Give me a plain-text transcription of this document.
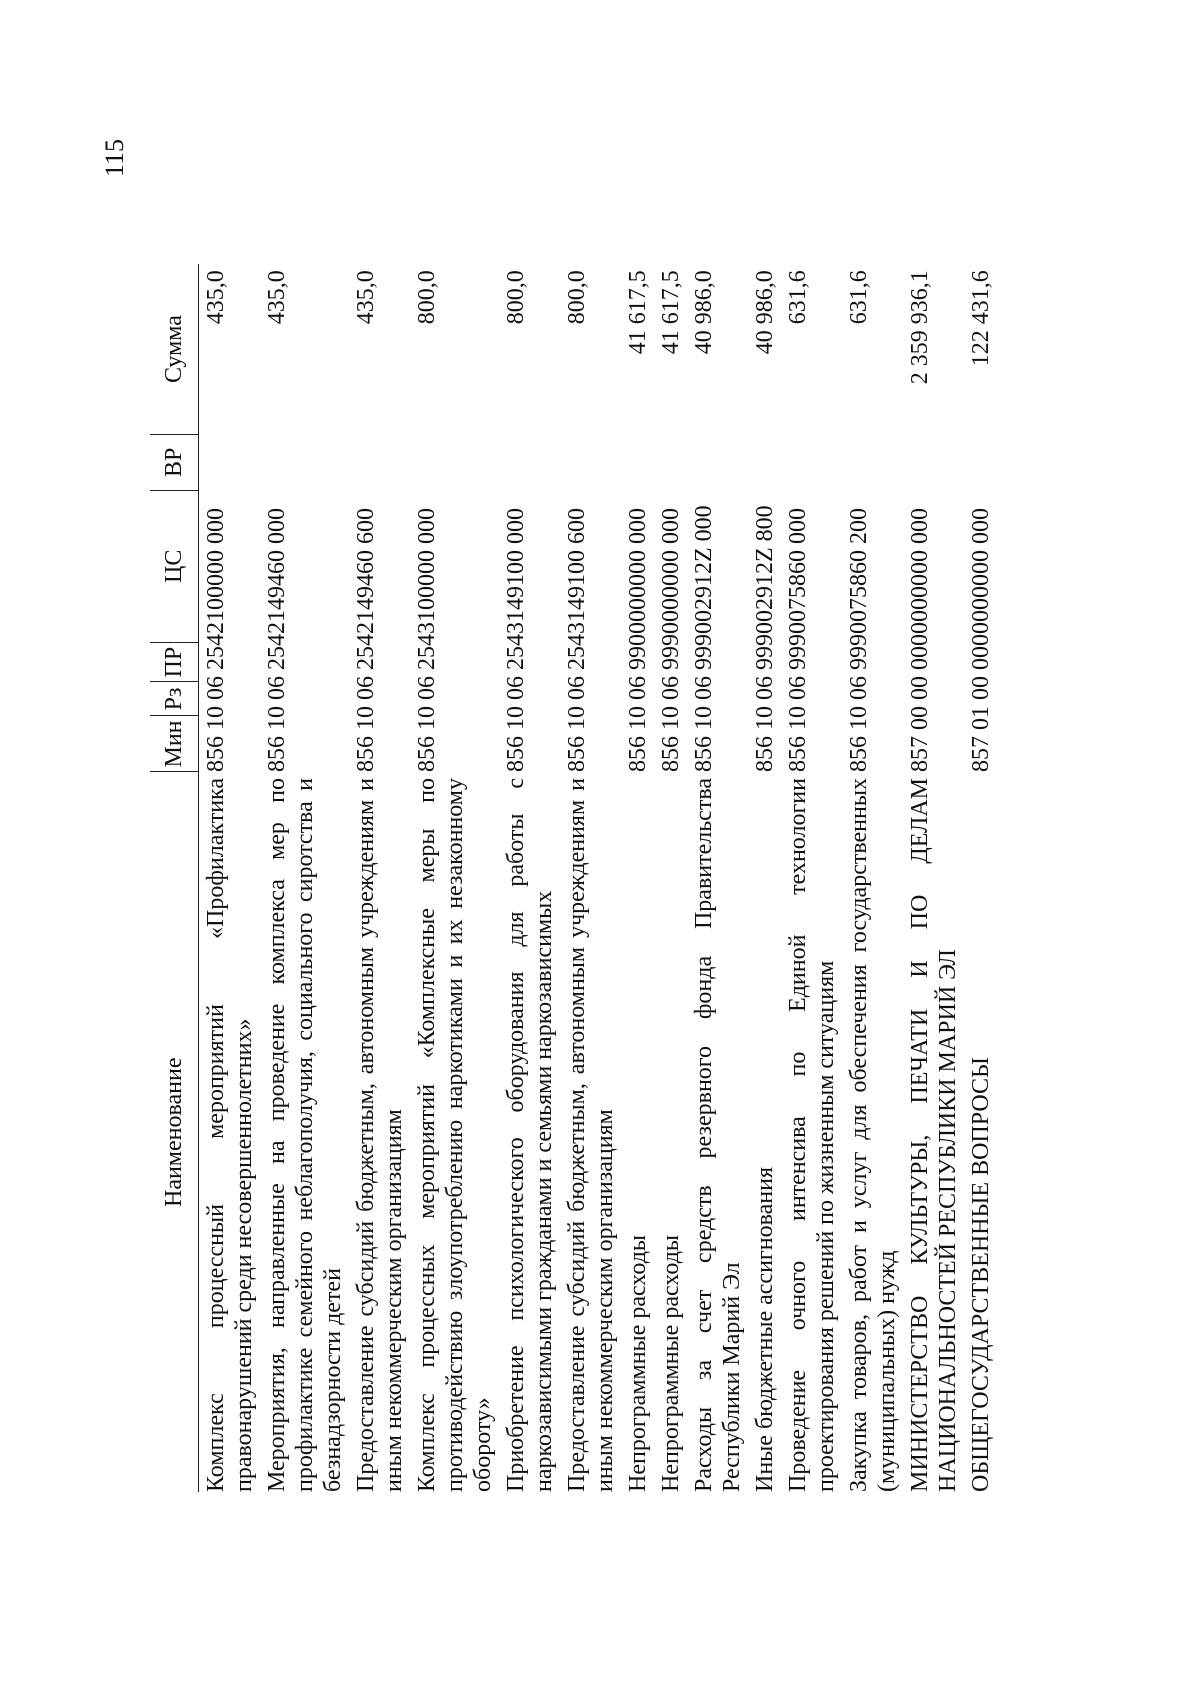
115
Наименование	Мин	Рз	ПР	ЦС	ВР	Сумма
Комплекс процессный мероприятий «Профилактика правонарушений среди несовершеннолетних»	856 10 06 2542100000 000					435,0
Мероприятия, направленные на проведение комплекса мер по профилактике семейного неблагополучия, социального сиротства и безнадзорности детей	856 10 06 2542149460 000					435,0
Предоставление субсидий бюджетным, автономным учреждениям и иным некоммерческим организациям	856 10 06 2542149460 600					435,0
Комплекс процессных мероприятий «Комплексные меры по противодействию злоупотреблению наркотиками и их незаконному обороту»	856 10 06 2543100000 000					800,0
Приобретение психологического оборудования для работы с наркозависимыми гражданами и семьями наркозависимых	856 10 06 2543149100 000					800,0
Предоставление субсидий бюджетным, автономным учреждениям и иным некоммерческим организациям	856 10 06 2543149100 600					800,0
Непрограммные расходы	856 10 06 9900000000 000					41 617,5
Непрограммные расходы	856 10 06 9990000000 000					41 617,5
Расходы за счет средств резервного фонда Правительства Республики Марий Эл	856 10 06 999002912Z 000					40 986,0
Иные бюджетные ассигнования	856 10 06 999002912Z 800					40 986,0
Проведение очного интенсива по Единой технологии проектирования решений по жизненным ситуациям	856 10 06 9990075860 000					631,6
Закупка товаров, работ и услуг для обеспечения государственных (муниципальных) нужд	856 10 06 9990075860 200					631,6
МИНИСТЕРСТВО КУЛЬТУРЫ, ПЕЧАТИ И ПО ДЕЛАМ НАЦИОНАЛЬНОСТЕЙ РЕСПУБЛИКИ МАРИЙ ЭЛ	857 00 00 0000000000 000					2 359 936,1
ОБЩЕГОСУДАРСТВЕННЫЕ ВОПРОСЫ	857 01 00 0000000000 000					122 431,6
